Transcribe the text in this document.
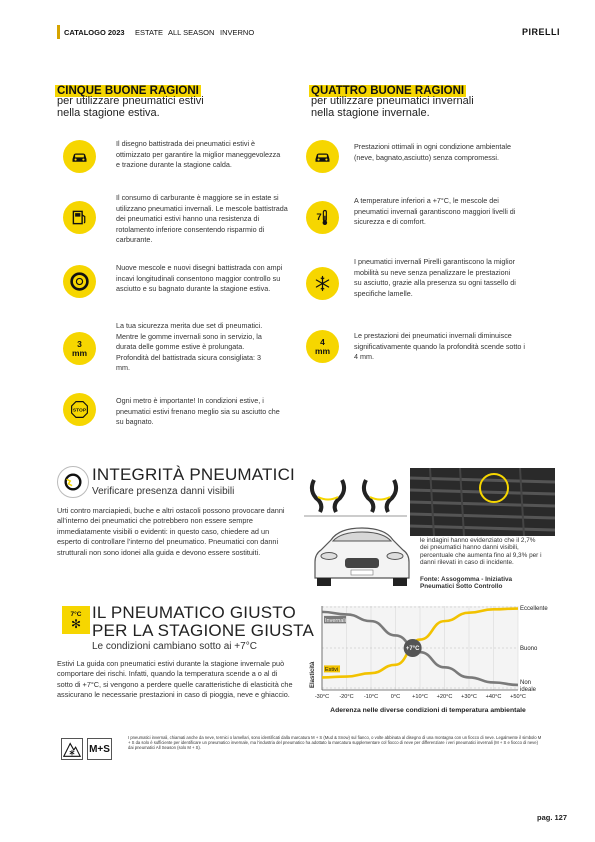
CATALOGO 2023 ESTATE ALL SEASON INVERNO	PIRELLI
CINQUE BUONE RAGIONI
per utilizzare pneumatici estivi
nella stagione estiva.
Il disegno battistrada dei pneumatici estivi è ottimizzato per garantire la miglior maneggevolezza e trazione durante la stagione calda.
Il consumo di carburante è maggiore se in estate si utilizzano pneumatici invernali. Le mescole battistrada dei pneumatici estivi hanno una resistenza di rotolamento inferiore consentendo risparmio di carburante.
Nuove mescole e nuovi disegni battistrada con ampi incavi longitudinali consentono maggior controllo su asciutto e su bagnato durante la stagione estiva.
3
mm
La tua sicurezza merita due set di pneumatici. Mentre le gomme invernali sono in servizio, la durata delle gomme estive è prolungata. Profondità del battistrada sicura consigliata: 3 mm.
STOP
Ogni metro è importante! In condizioni estive, i pneumatici estivi frenano meglio sia su asciutto che su bagnato.
QUATTRO BUONE RAGIONI
per utilizzare pneumatici invernali
nella stagione invernale.
Prestazioni ottimali in ogni condizione ambientale (neve, bagnato,asciutto) senza compromessi.
7
A temperature inferiori a +7°C, le mescole dei pneumatici invernali garantiscono maggiori livelli di sicurezza e di comfort.
I pneumatici invernali Pirelli garantiscono la miglior mobilità su neve senza penalizzare le prestazioni su asciutto, grazie alla presenza su ogni tassello di specifiche lamelle.
4
mm
Le prestazioni dei pneumatici invernali diminuisce significativamente quando la profondità scende sotto i 4 mm.
INTEGRITÀ PNEUMATICI
Verificare presenza danni visibili
Urti contro marciapiedi, buche e altri ostacoli possono provocare danni all’interno dei pneumatici che potrebbero non essere sempre immediatamente visibili o evidenti: in questo caso, chiedere ad un esperto di controllare l’interno del pneumatico. Pneumatici con danni strutturali non sono idonei alla guida e devono essere sostituiti.
le indagini hanno evidenziato che il 2,7% dei pneumatici hanno danni visibili, percentuale che aumenta fino al 9,3% per i danni rilevati in caso di incidente.
Fonte: Assogomma - Iniziativa Pneumatici Sotto Controllo
7°C
✻
IL PNEUMATICO GIUSTO
PER LA STAGIONE GIUSTA
Le condizioni cambiano sotto ai +7°C
Estivi La guida con pneumatici estivi durante la stagione invernale può comportare dei rischi. Infatti, quando la temperatura scende a o al di sotto di +7°C, si vengono a perdere quelle caratteristiche di elasticità che assicurano le necessarie prestazioni in caso di pioggia, neve e ghiaccio.
Estivi
Invernali
+7°C
Eccellente
Buono
Non
ideale
-30°C -20°C -10°C 0°C +10°C +20°C +30°C +40°C +50°C
Elasticità
Aderenza nelle diverse condizioni di temperatura ambientale
M+S
I pneumatici invernali, chiamati anche da neve, termici o lamellari, sono identificati dalla marcatura M + S (Mud & Snow) sul fianco, o volte abbinata al disegno di una montagna con un fiocco di neve. Legalmente il simbolo M + S da solo è sufficiente per identificare un pneumatico invernale, ma l’industria del pneumatico ha adottato la marcatura supplementare col fiocco di neve per differenziare i veri pneumatici invernali (M + S e fiocco di neve) dai pneumatici All Season (solo M + S).
pag. 127
